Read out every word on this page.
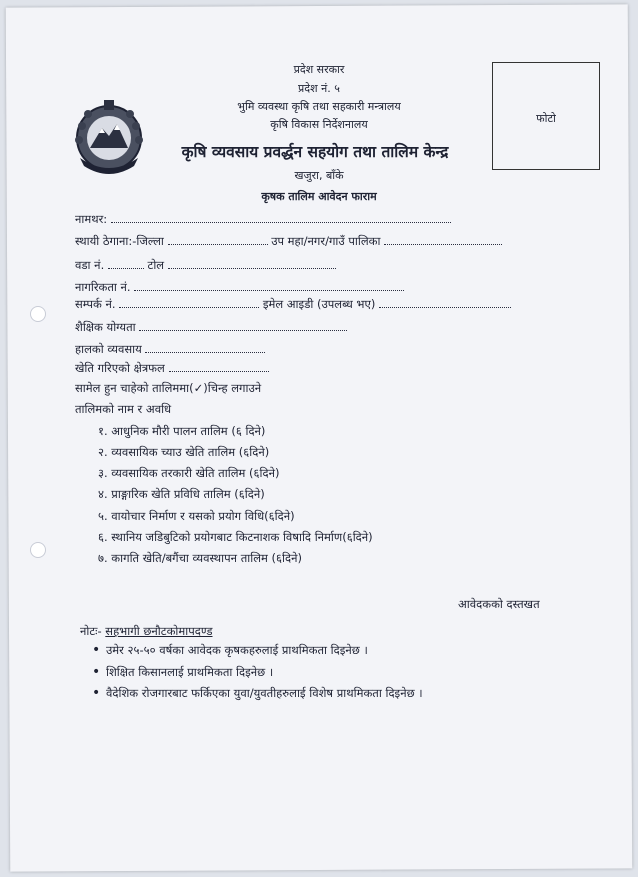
प्रदेश सरकार
प्रदेश नं. ५
भुमि व्यवस्था कृषि तथा सहकारी मन्त्रालय
कृषि विकास निर्देशनालय
कृषि व्यवसाय प्रवर्द्धन सहयोग तथा तालिम केन्द्र
खजुरा, बाँके
कृषक तालिम आवेदन फाराम
फोटो
नामथर:
स्थायी ठेगाना:-जिल्ला	उप महा/नगर/गाउँ पालिका
वडा नं.	टोल
नागरिकता नं.
सम्पर्क नं.	इमेल आइडी (उपलब्ध भए)
शैक्षिक योग्यता
हालको व्यवसाय
खेति गरिएको क्षेत्रफल
सामेल हुन चाहेको तालिममा(✓)चिन्ह लगाउने
तालिमको नाम र अवधि
१. आधुनिक मौरी पालन तालिम (६ दिने)
२. व्यवसायिक च्याउ खेति तालिम (६दिने)
३. व्यवसायिक तरकारी खेति तालिम (६दिने)
४. प्राङ्गारिक खेति प्रविधि तालिम (६दिने)
५. वायोचार निर्माण र यसको प्रयोग विधि(६दिने)
६. स्थानिय जडिबुटिको प्रयोगबाट किटनाशक विषादि निर्माण(६दिने)
७. कागति खेति/बगैंचा व्यवस्थापन तालिम (६दिने)
आवेदकको दस्तखत
नोटः- सहभागी छनौटकोमापदण्ड
• उमेर २५-५० वर्षका आवेदक कृषकहरुलाई प्राथमिकता दिइनेछ ।
• शिक्षित किसानलाई प्राथमिकता दिइनेछ ।
• वैदेशिक रोजगारबाट फर्किएका युवा/युवतीहरुलाई विशेष प्राथमिकता दिइनेछ ।
